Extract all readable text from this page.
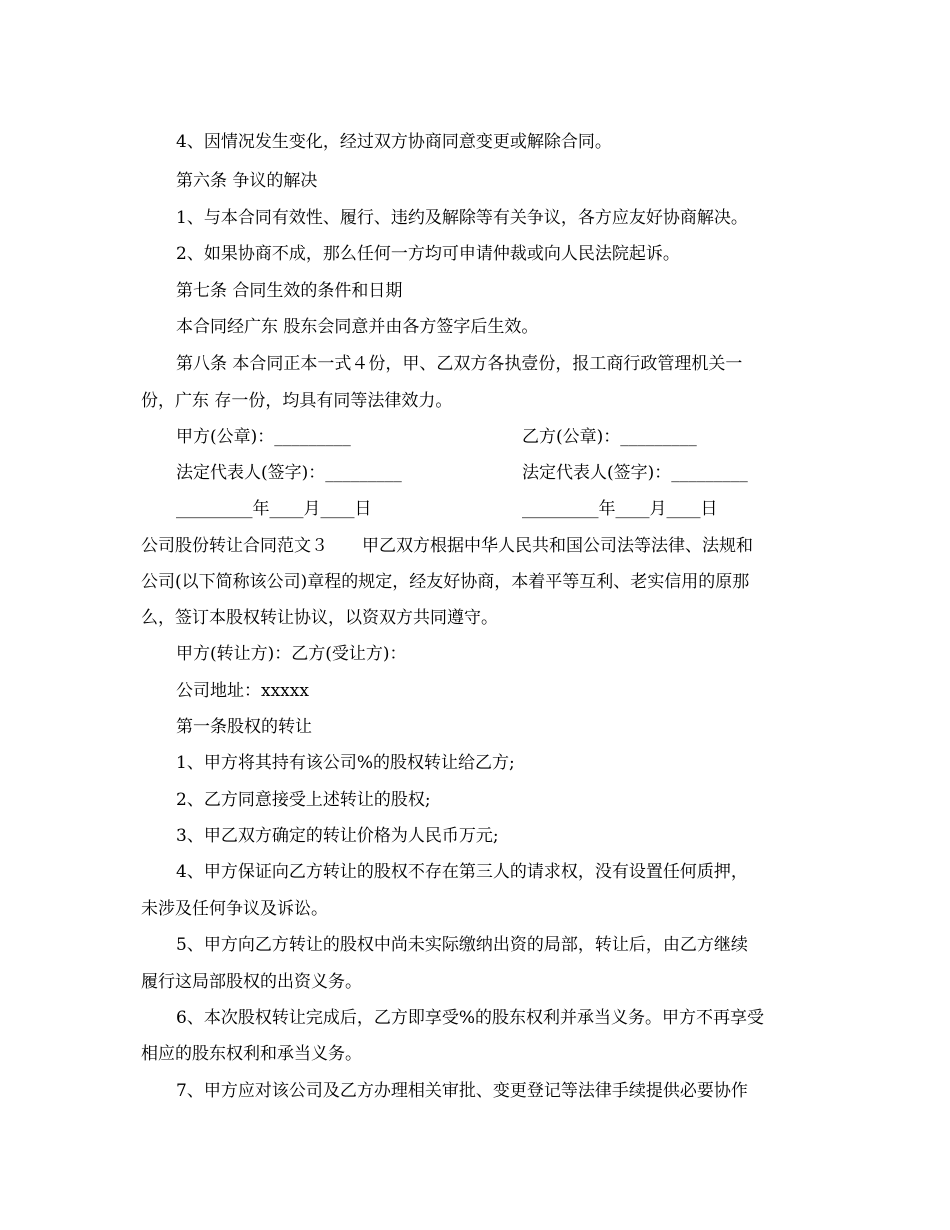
4、因情况发生变化，经过双方协商同意变更或解除合同。
第六条 争议的解决
1、与本合同有效性、履行、违约及解除等有关争议，各方应友好协商解决。
2、如果协商不成，那么任何一方均可申请仲裁或向人民法院起诉。
第七条 合同生效的条件和日期
本合同经广东 股东会同意并由各方签字后生效。
第八条 本合同正本一式４份，甲、乙双方各执壹份，报工商行政管理机关一
份，广东 存一份，均具有同等法律效力。
甲方(公章)：_________	乙方(公章)：_________
法定代表人(签字)：_________	法定代表人(签字)：_________
_________年____月____日	_________年____月____日
公司股份转让合同范文３　　甲乙双方根据中华人民共和国公司法等法律、法规和
公司(以下简称该公司)章程的规定，经友好协商，本着平等互利、老实信用的原那
么，签订本股权转让协议，以资双方共同遵守。
甲方(转让方)：乙方(受让方)：
公司地址：xxxxx
第一条股权的转让
1、甲方将其持有该公司%的股权转让给乙方;
2、乙方同意接受上述转让的股权;
3、甲乙双方确定的转让价格为人民币万元;
4、甲方保证向乙方转让的股权不存在第三人的请求权，没有设置任何质押，
未涉及任何争议及诉讼。
5、甲方向乙方转让的股权中尚未实际缴纳出资的局部，转让后，由乙方继续
履行这局部股权的出资义务。
6、本次股权转让完成后，乙方即享受%的股东权利并承当义务。甲方不再享受
相应的股东权利和承当义务。
7、甲方应对该公司及乙方办理相关审批、变更登记等法律手续提供必要协作
